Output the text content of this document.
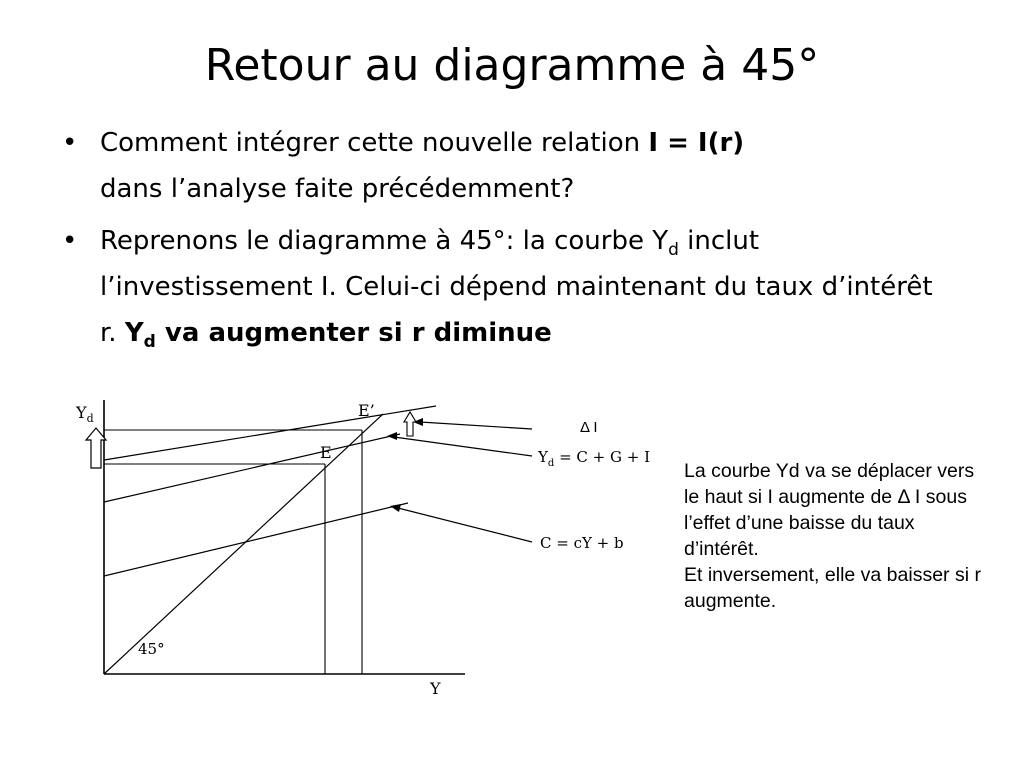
Retour au diagramme à 45°
• Comment intégrer cette nouvelle relation I = I(r)
dans l’analyse faite précédemment?
• Reprenons le diagramme à 45°: la courbe $Y_d$ inclut l’investissement I. Celui-ci dépend maintenant du taux d’intérêt r. $Y_d$ va augmenter si r diminue
$Y_d$
Y
45°
E
E’
Δ I
$Y_d = C + G + I$
C = cY + b

La courbe Yd va se déplacer vers le haut si I augmente de Δ I sous l’effet d’une baisse du taux d’intérêt.

Et inversement, elle va baisser si r augmente.
